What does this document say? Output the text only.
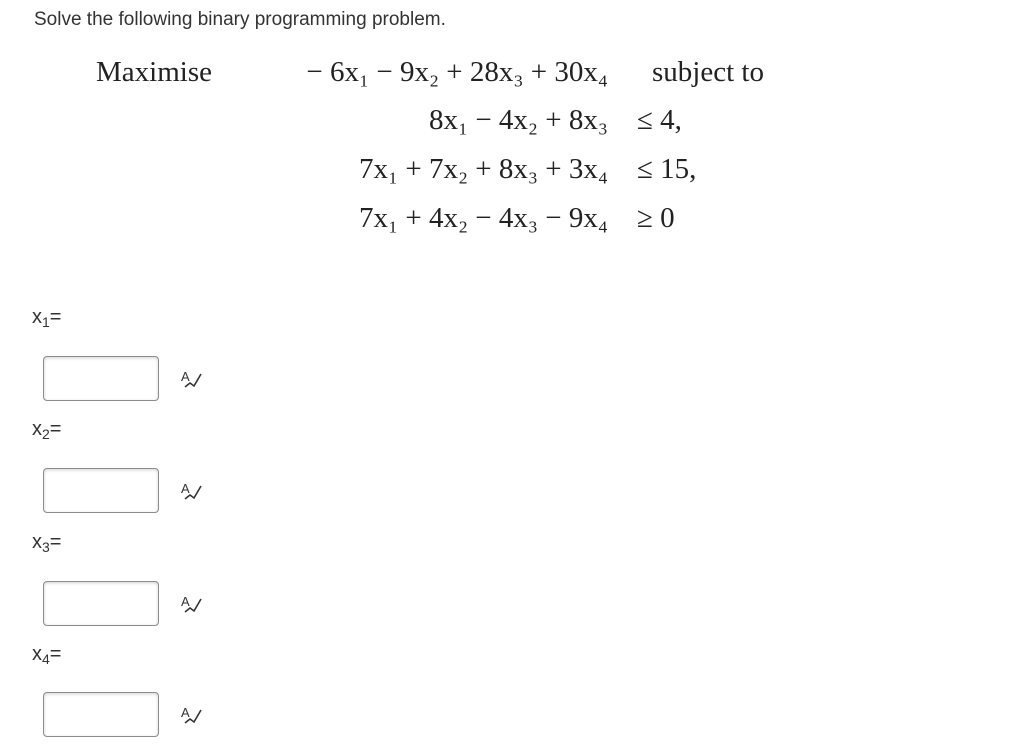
Solve the following binary programming problem.

Maximise	− 6x₁ − 9x₂ + 28x₃ + 30x₄ subject to
8x₁ − 4x₂ + 8x₃ ≤ 4,
7x₁ + 7x₂ + 8x₃ + 3x₄ ≤ 15,
7x₁ + 4x₂ − 4x₃ − 9x₄ ≥ 0
$x_1=$
A
$x_2=$
A
$x_3=$
A
$x_4=$
A
